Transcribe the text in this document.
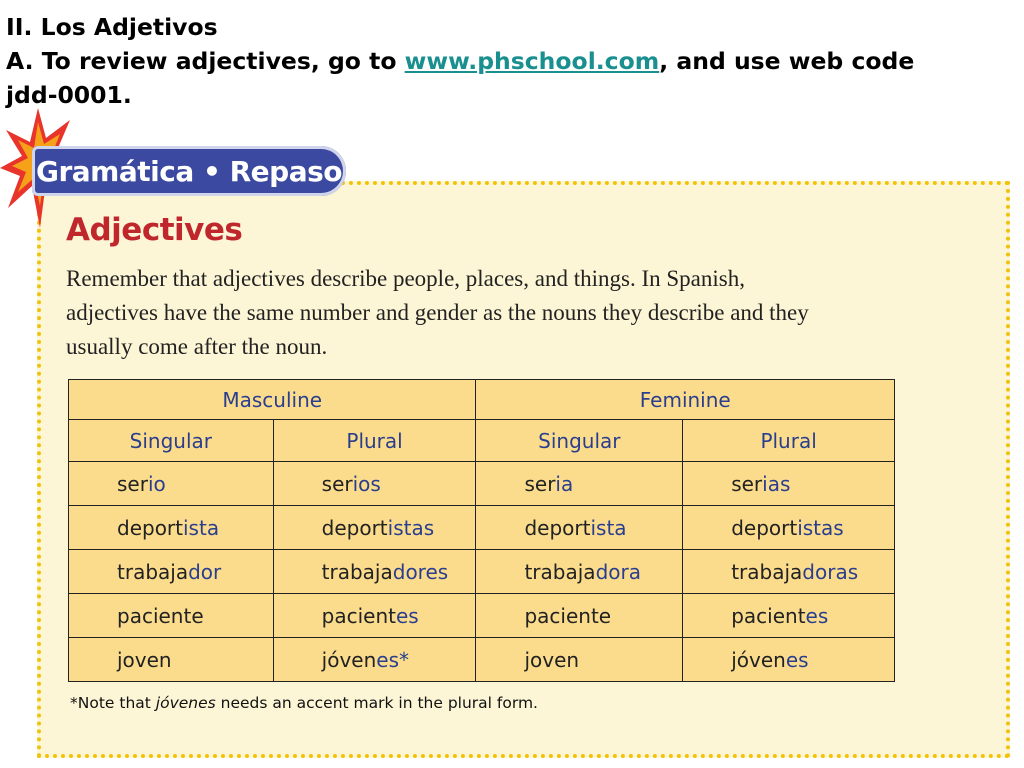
II. Los Adjetivos
A. To review adjectives, go to www.phschool.com, and use web code
jdd-0001.
Gramática • Repaso
Adjectives

Remember that adjectives describe people, places, and things. In Spanish, adjectives have the same number and gender as the nouns they describe and they usually come after the noun.

Masculine		Feminine	
Singular	Plural	Singular	Plural
serio	serios	seria	serias
deportista	deportistas	deportista	deportistas
trabajador	trabajadores	trabajadora	trabajadoras
paciente	pacientes	paciente	pacientes
joven	jóvenes*	joven	jóvenes

*Note that jóvenes needs an accent mark in the plural form.
